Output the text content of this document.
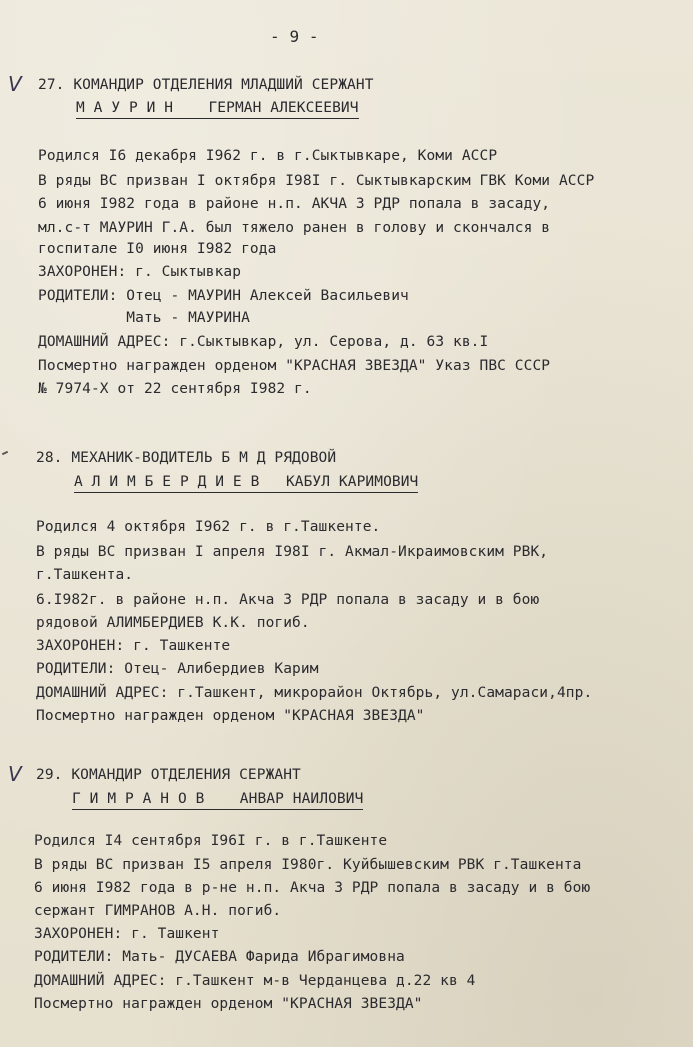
- 9 -
V 27. КОМАНДИР ОТДЕЛЕНИЯ МЛАДШИЙ СЕРЖАНТ
М А У Р И Н ГЕРМАН АЛЕКСЕЕВИЧ
Родился I6 декабря I962 г. в г.Сыктывкаре, Коми АССР
В ряды ВС призван I октября I98I г. Сыктывкарским ГВК Коми АССР
6 июня I982 года в районе н.п. АКЧА 3 РДР попала в засаду,
мл.с-т МАУРИН Г.А. был тяжело ранен в голову и скончался в
госпитале I0 июня I982 года
ЗАХОРОНЕН: г. Сыктывкар
РОДИТЕЛИ: Отец - МАУРИН Алексей Васильевич
Мать - МАУРИНА
ДОМАШНИЙ АДРЕС: г.Сыктывкар, ул. Серова, д. 63 кв.I
Посмертно награжден орденом "КРАСНАЯ ЗВЕЗДА" Указ ПВС СССР
№ 7974-Х от 22 сентября I982 г.
28. МЕХАНИК-ВОДИТЕЛЬ Б М Д РЯДОВОЙ
А Л И М Б Е Р Д И Е В КАБУЛ КАРИМОВИЧ
Родился 4 октября I962 г. в г.Ташкенте.
В ряды ВС призван I апреля I98I г. Акмал-Икраимовским РВК,
г.Ташкента.
6.I982г. в районе н.п. Акча 3 РДР попала в засаду и в бою
рядовой АЛИМБЕРДИЕВ К.К. погиб.
ЗАХОРОНЕН: г. Ташкенте
РОДИТЕЛИ: Отец- Алибердиев Карим
ДОМАШНИЙ АДРЕС: г.Ташкент, микрорайон Октябрь, ул.Самараси,4пр.
Посмертно награжден орденом "КРАСНАЯ ЗВЕЗДА"
V 29. КОМАНДИР ОТДЕЛЕНИЯ СЕРЖАНТ
Г И М Р А Н О В АНВАР НАИЛОВИЧ
Родился I4 сентября I96I г. в г.Ташкенте
В ряды ВС призван I5 апреля I980г. Куйбышевским РВК г.Ташкента
6 июня I982 года в р-не н.п. Акча 3 РДР попала в засаду и в бою
сержант ГИМРАНОВ А.Н. погиб.
ЗАХОРОНЕН: г. Ташкент
РОДИТЕЛИ: Мать- ДУСАЕВА Фарида Ибрагимовна
ДОМАШНИЙ АДРЕС: г.Ташкент м-в Черданцева д.22 кв 4
Посмертно награжден орденом "КРАСНАЯ ЗВЕЗДА"
